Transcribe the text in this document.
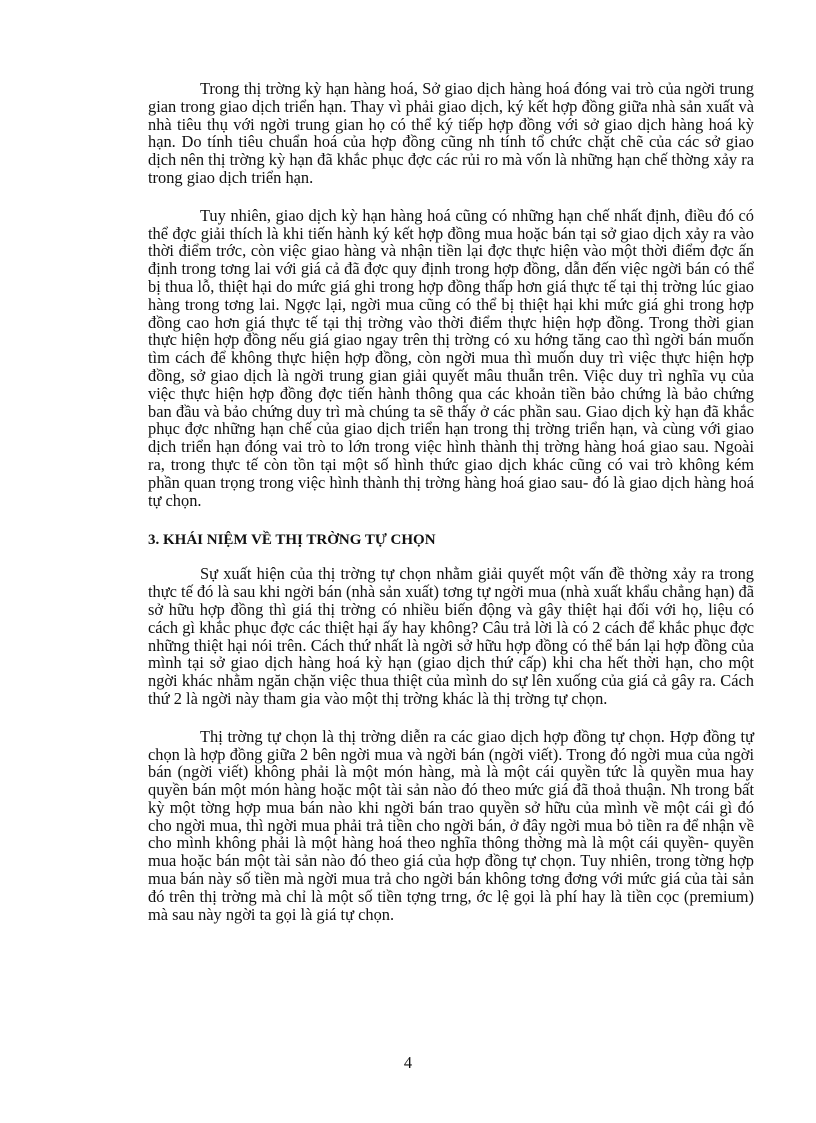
Trong thị trờng kỳ hạn hàng hoá, Sở giao dịch hàng hoá đóng vai trò của ngời trung gian trong giao dịch triển hạn. Thay vì phải giao dịch, ký kết hợp đồng giữa nhà sản xuất và nhà tiêu thụ với ngời trung gian họ có thể ký tiếp hợp đồng với sở giao dịch hàng hoá kỳ hạn. Do tính tiêu chuẩn hoá của hợp đồng cũng nh tính tổ chức chặt chẽ của các sở giao dịch nên thị trờng kỳ hạn đã khắc phục đợc các rủi ro mà vốn là những hạn chế thờng xảy ra trong giao dịch triển hạn.

Tuy nhiên, giao dịch kỳ hạn hàng hoá cũng có những hạn chế nhất định, điều đó có thể đợc giải thích là khi tiến hành ký kết hợp đồng mua hoặc bán tại sở giao dịch xảy ra vào thời điểm trớc, còn việc giao hàng và nhận tiền lại đợc thực hiện vào một thời điểm đợc ấn định trong tơng lai với giá cả đã đợc quy định trong hợp đồng, dẫn đến việc ngời bán có thể bị thua lỗ, thiệt hại do mức giá ghi trong hợp đồng thấp hơn giá thực tế tại thị trờng lúc giao hàng trong tơng lai. Ngợc lại, ngời mua cũng có thể bị thiệt hại khi mức giá ghi trong hợp đồng cao hơn giá thực tế tại thị trờng vào thời điểm thực hiện hợp đồng. Trong thời gian thực hiện hợp đồng nếu giá giao ngay trên thị trờng có xu hớng tăng cao thì ngời bán muốn tìm cách để không thực hiện hợp đồng, còn ngời mua thì muốn duy trì việc thực hiện hợp đồng, sở giao dịch là ngời trung gian giải quyết mâu thuẫn trên. Việc duy trì nghĩa vụ của việc thực hiện hợp đồng đợc tiến hành thông qua các khoản tiền bảo chứng là bảo chứng ban đầu và bảo chứng duy trì mà chúng ta sẽ thấy ở các phần sau. Giao dịch kỳ hạn đã khắc phục đợc những hạn chế của giao dịch triển hạn trong thị trờng triển hạn, và cùng với giao dịch triển hạn đóng vai trò to lớn trong việc hình thành thị trờng hàng hoá giao sau. Ngoài ra, trong thực tế còn tồn tại một số hình thức giao dịch khác cũng có vai trò không kém phần quan trọng trong việc hình thành thị trờng hàng hoá giao sau- đó là giao dịch hàng hoá tự chọn.

3. KHÁI NIỆM VỀ THỊ TRỜNG TỰ CHỌN

Sự xuất hiện của thị trờng tự chọn nhằm giải quyết một vấn đề thờng xảy ra trong thực tế đó là sau khi ngời bán (nhà sản xuất) tơng tự ngời mua (nhà xuất khẩu chẳng hạn) đã sở hữu hợp đồng thì giá thị trờng có nhiều biến động và gây thiệt hại đối với họ, liệu có cách gì khắc phục đợc các thiệt hại ấy hay không? Câu trả lời là có 2 cách để khắc phục đợc những thiệt hại nói trên. Cách thứ nhất là ngời sở hữu hợp đồng có thể bán lại hợp đồng của mình tại sở giao dịch hàng hoá kỳ hạn (giao dịch thứ cấp) khi cha hết thời hạn, cho một ngời khác nhằm ngăn chặn việc thua thiệt của mình do sự lên xuống của giá cả gây ra. Cách thứ 2 là ngời này tham gia vào một thị trờng khác là thị trờng tự chọn.

Thị trờng tự chọn là thị trờng diễn ra các giao dịch hợp đồng tự chọn. Hợp đồng tự chọn là hợp đồng giữa 2 bên ngời mua và ngời bán (ngời viết). Trong đó ngời mua của ngời bán (ngời viết) không phải là một món hàng, mà là một cái quyền tức là quyền mua hay quyền bán một món hàng hoặc một tài sản nào đó theo mức giá đã thoả thuận. Nh trong bất kỳ một tờng hợp mua bán nào khi ngời bán trao quyền sở hữu của mình về một cái gì đó cho ngời mua, thì ngời mua phải trả tiền cho ngời bán, ở đây ngời mua bỏ tiền ra để nhận về cho mình không phải là một hàng hoá theo nghĩa thông thờng mà là một cái quyền- quyền mua hoặc bán một tài sản nào đó theo giá của hợp đồng tự chọn. Tuy nhiên, trong tờng hợp mua bán này số tiền mà ngời mua trả cho ngời bán không tơng đơng với mức giá của tài sản đó trên thị trờng mà chỉ là một số tiền tợng trng, ớc lệ gọi là phí hay là tiền cọc (premium) mà sau này ngời ta gọi là giá tự chọn.

4
